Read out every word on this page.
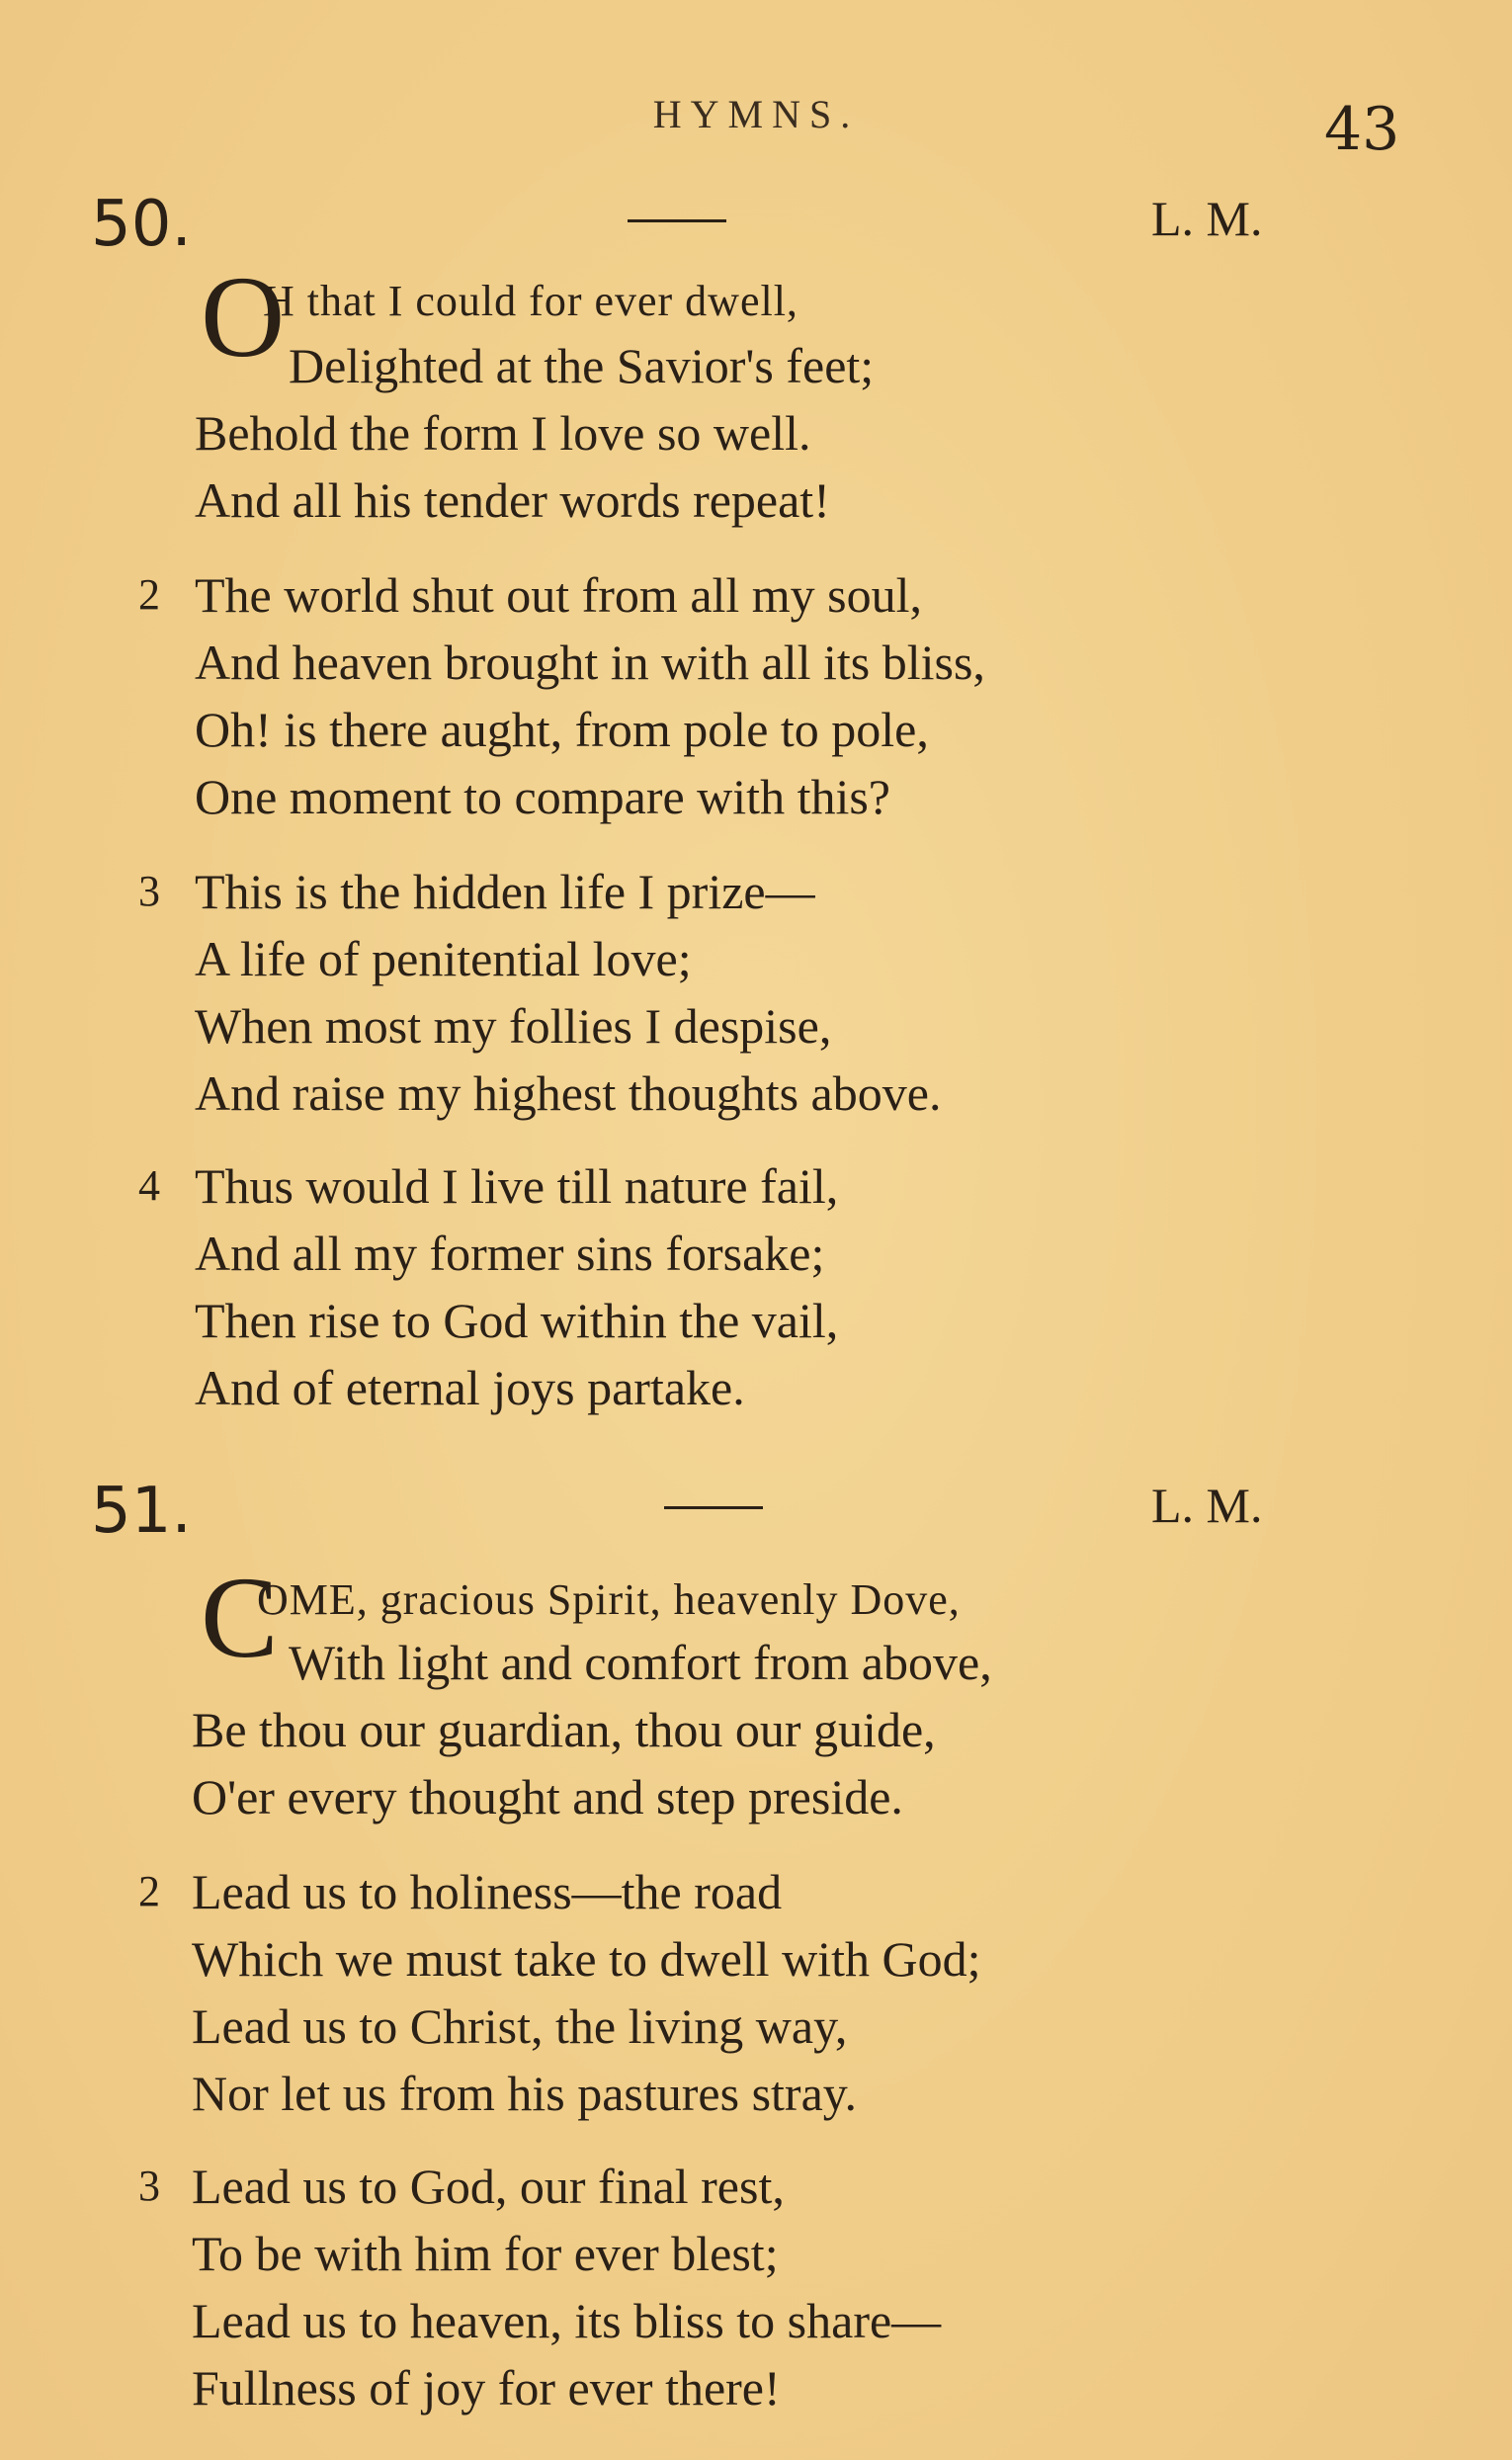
HYMNS.	43
50.	L. M.
O
H that I could for ever dwell,
Delighted at the Savior's feet;
Behold the form I love so well.
And all his tender words repeat!
2 The world shut out from all my soul,
And heaven brought in with all its bliss,
Oh! is there aught, from pole to pole,
One moment to compare with this?
3 This is the hidden life I prize—
A life of penitential love;
When most my follies I despise,
And raise my highest thoughts above.
4 Thus would I live till nature fail,
And all my former sins forsake;
Then rise to God within the vail,
And of eternal joys partake.
51.	L. M.
C
OME, gracious Spirit, heavenly Dove,
With light and comfort from above,
Be thou our guardian, thou our guide,
O'er every thought and step preside.
2 Lead us to holiness—the road
Which we must take to dwell with God;
Lead us to Christ, the living way,
Nor let us from his pastures stray.
3 Lead us to God, our final rest,
To be with him for ever blest;
Lead us to heaven, its bliss to share—
Fullness of joy for ever there!
